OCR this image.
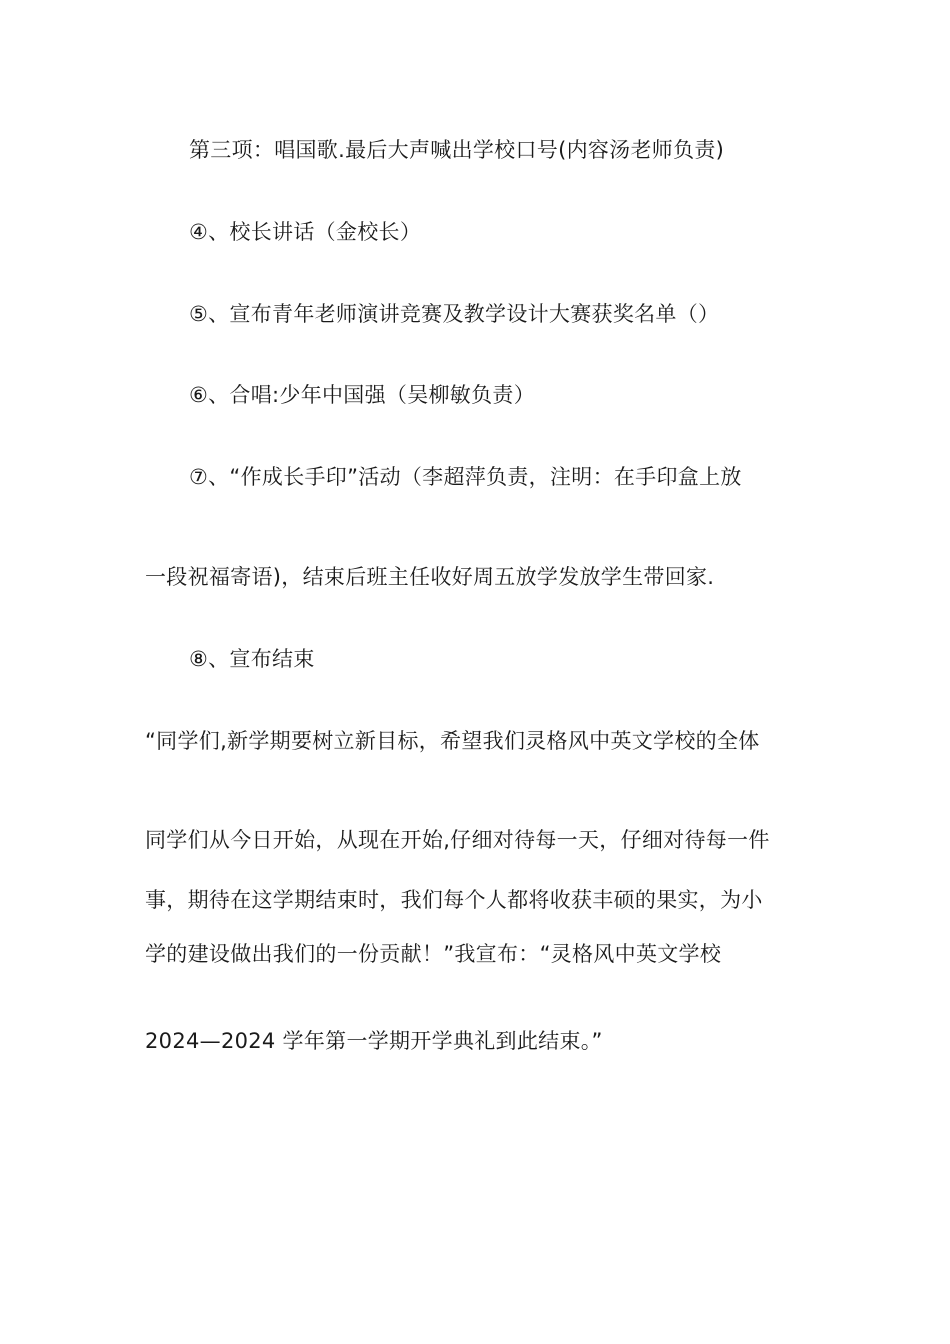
第三项：唱国歌.最后大声喊出学校口号(内容汤老师负责)
④、校长讲话（金校长）
⑤、宣布青年老师演讲竞赛及教学设计大赛获奖名单（）
⑥、合唱:少年中国强（吴柳敏负责）
⑦、“作成长手印”活动（李超萍负责，注明：在手印盒上放
一段祝福寄语)，结束后班主任收好周五放学发放学生带回家.
⑧、宣布结束
“同学们,新学期要树立新目标，希望我们灵格风中英文学校的全体
同学们从今日开始，从现在开始,仔细对待每一天，仔细对待每一件
事，期待在这学期结束时，我们每个人都将收获丰硕的果实，为小
学的建设做出我们的一份贡献！”我宣布：“灵格风中英文学校
2024—2024 学年第一学期开学典礼到此结束。”
